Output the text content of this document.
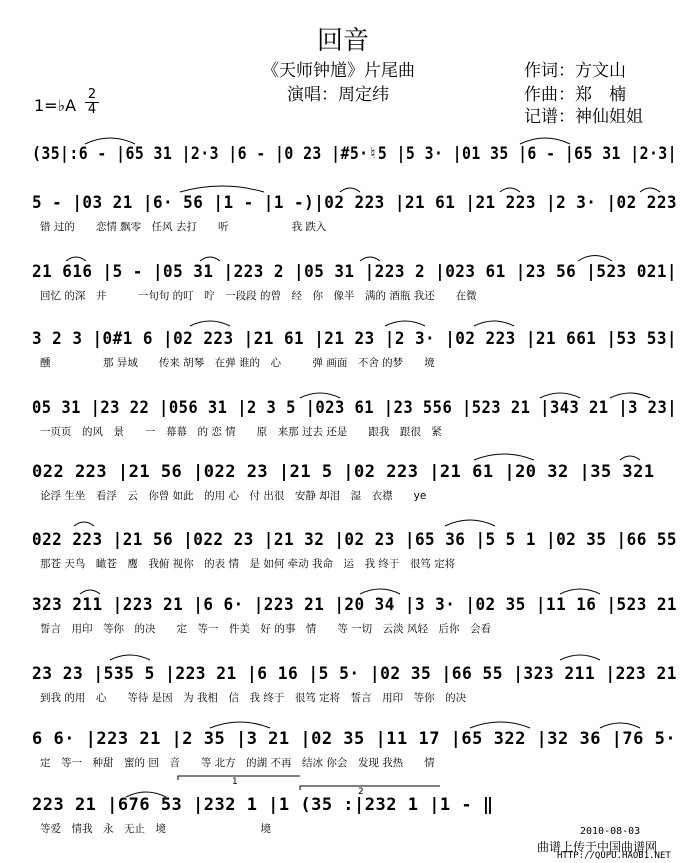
回音
《天师钟馗》片尾曲
演唱：周定纬
作词：方文山
作曲：郑　楠
记谱：神仙姐姐
1=♭A
2
4
(35|:6 - |65 31 |2·3 |6 - |0 23 |#5·♮5 |5 3· |01 35 |6 - |65 31 |2·3|
5 - |03 21 |6· 56 |1 - |1 -)|02 223 |21 61 |21 223 |2 3· |02 223
错 过的　　恋情 飘零　任风 去打　　听　　　　　　我 跌入
21 616 |5 - |05 31 |223 2 |05 31 |223 2 |023 61 |23 56 |523 021|
回忆 的深　井　　　一旬旬 的叮　咛　一段段 的曾　经　你　像半　满的 酒瓶 我还　　在微
3 2 3 |0#1 6 |02 223 |21 61 |21 23 |2 3· |02 223 |21 661 |53 53|
醺　　　　　那 异域　　传来 胡琴　在弹 谁的　心　　　弹 画面　不舍 的梦　　境
05 31 |23 22 |056 31 |2 3 5 |023 61 |23 556 |523 21 |343 21 |3 23|
一页页　的风　景　　一　幕幕　的 恋 情　　原　来那 过去 还是　　跟我　跟很　紧
022 223 |21 56 |022 23 |21 5 |02 223 |21 61 |20 32 |35 321
论浮 生坐　看浮　云　你曾 如此　的用 心　付 出很　安静 却泪　湿　衣襟　　ye
022 223 |21 56 |022 23 |21 32 |02 23 |65 36 |5 5 1 |02 35 |66 55
那苍 天鸟　瞰苍　鹰　我俯 视你　的表 情　是 如何 牵动 我命　运　我 终于　很笃 定将
323 211 |223 21 |6 6· |223 21 |20 34 |3 3· |02 35 |11 16 |523 21
誓言　用印　等你　的决　　定　等一　件美　好 的事　情　　等 一切　云淡 风轻　后你　会看
23 23 |535 5 |223 21 |6 16 |5 5· |02 35 |66 55 |323 211 |223 21
到我 的用　心　　等待 是因　为 我相　信　我 终于　很笃 定将　誓言　用印　等你　的决
6 6· |223 21 |2 35 |3 21 |02 35 |11 17 |65 322 |32 36 |76 5·
定　等一　种甜　蜜的 回　音　　等 北方　的湖 不再　结冰 你会　发现 我热　　情
223 21 |676 53 |232 1 |1 (35 :|232 1 |1 - ‖
等爱　情我　永　无止　境　　　　　　　　　境
1
2
2010-08-03
曲谱上传于中国曲谱网
HTTP://QUPU.HAOB1.NET
